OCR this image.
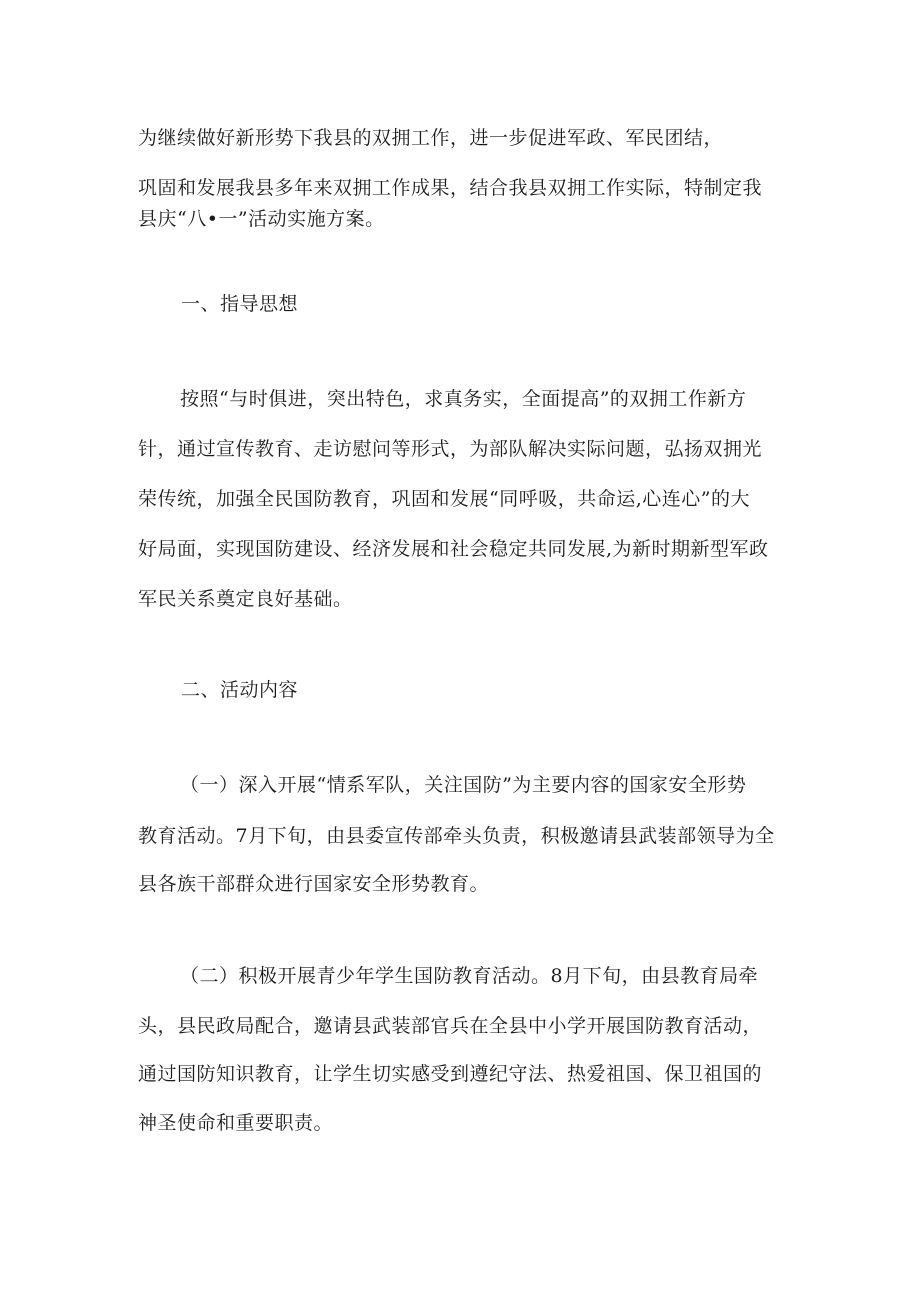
为继续做好新形势下我县的双拥工作，进一步促进军政、军民团结，
巩固和发展我县多年来双拥工作成果，结合我县双拥工作实际，特制定我
县庆“八•一”活动实施方案。
一、指导思想
按照“与时俱进，突出特色，求真务实，全面提高”的双拥工作新方
针，通过宣传教育、走访慰问等形式，为部队解决实际问题，弘扬双拥光
荣传统，加强全民国防教育，巩固和发展“同呼吸，共命运,心连心”的大
好局面，实现国防建设、经济发展和社会稳定共同发展,为新时期新型军政
军民关系奠定良好基础。
二、活动内容
（一）深入开展“情系军队，关注国防”为主要内容的国家安全形势
教育活动。7月下旬，由县委宣传部牵头负责，积极邀请县武装部领导为全
县各族干部群众进行国家安全形势教育。
（二）积极开展青少年学生国防教育活动。8月下旬，由县教育局牵
头，县民政局配合，邀请县武装部官兵在全县中小学开展国防教育活动，
通过国防知识教育，让学生切实感受到遵纪守法、热爱祖国、保卫祖国的
神圣使命和重要职责。
